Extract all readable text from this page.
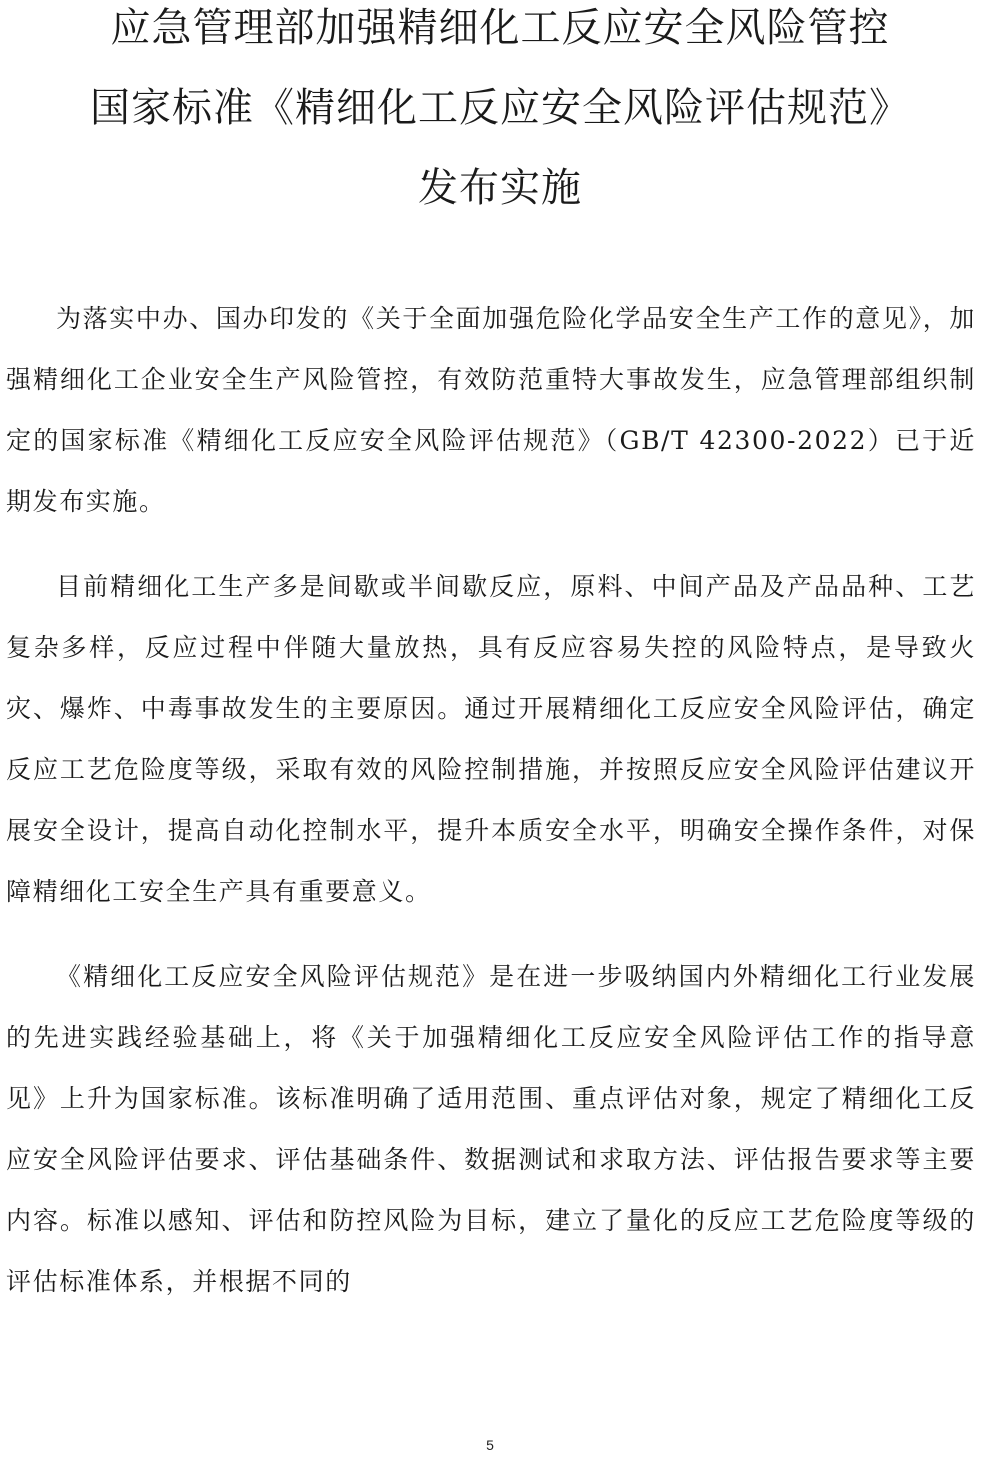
应急管理部加强精细化工反应安全风险管控
国家标准《精细化工反应安全风险评估规范》
发布实施

为落实中办、国办印发的《关于全面加强危险化学品安全生产工作的意见》，加强精细化工企业安全生产风险管控，有效防范重特大事故发生，应急管理部组织制定的国家标准《精细化工反应安全风险评估规范》（GB/T 42300-2022）已于近期发布实施。

目前精细化工生产多是间歇或半间歇反应，原料、中间产品及产品品种、工艺复杂多样，反应过程中伴随大量放热，具有反应容易失控的风险特点，是导致火灾、爆炸、中毒事故发生的主要原因。通过开展精细化工反应安全风险评估，确定反应工艺危险度等级，采取有效的风险控制措施，并按照反应安全风险评估建议开展安全设计，提高自动化控制水平，提升本质安全水平，明确安全操作条件，对保障精细化工安全生产具有重要意义。

《精细化工反应安全风险评估规范》是在进一步吸纳国内外精细化工行业发展的先进实践经验基础上，将《关于加强精细化工反应安全风险评估工作的指导意见》上升为国家标准。该标准明确了适用范围、重点评估对象，规定了精细化工反应安全风险评估要求、评估基础条件、数据测试和求取方法、评估报告要求等主要内容。标准以感知、评估和防控风险为目标，建立了量化的反应工艺危险度等级的评估标准体系，并根据不同的

5
